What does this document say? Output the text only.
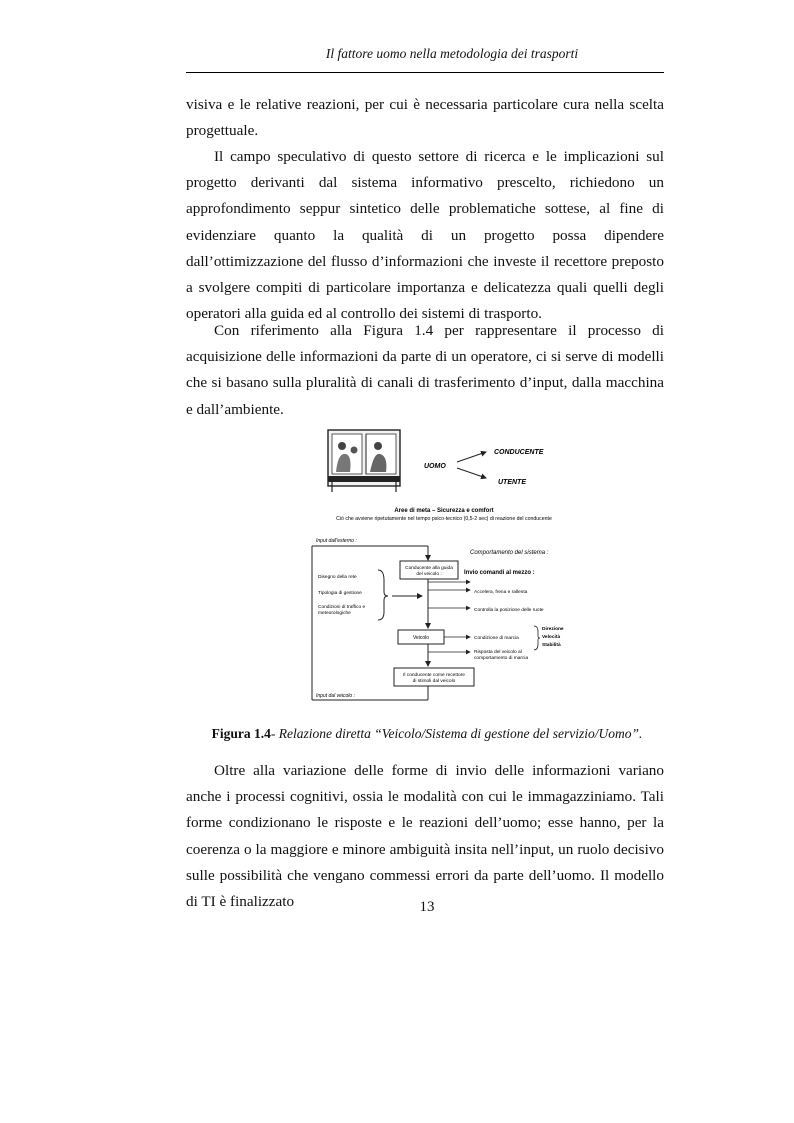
Il fattore uomo nella metodologia dei trasporti

visiva e le relative reazioni, per cui è necessaria particolare cura nella scelta progettuale.

Il campo speculativo di questo settore di ricerca e le implicazioni sul progetto derivanti dal sistema informativo prescelto, richiedono un approfondimento seppur sintetico delle problematiche sottese, al fine di evidenziare quanto la qualità di un progetto possa dipendere dall’ottimizzazione del flusso d’informazioni che investe il recettore preposto a svolgere compiti di particolare importanza e delicatezza quali quelli degli operatori alla guida ed al controllo dei sistemi di trasporto.

Con riferimento alla Figura 1.4 per rappresentare il processo di acquisizione delle informazioni da parte di un operatore, ci si serve di modelli che si basano sulla pluralità di canali di trasferimento d’input, dalla macchina e dall’ambiente.

UOMO
CONDUCENTE
UTENTE
Aree di meta – Sicurezza e comfort
Ciò che avviene ripetutamente nel tempo psico-tecnico (0,5-2 sec) di reazione del conducente
Input dall'esterno :
Input dal veicolo :
Conducente alla guida
del veicolo :
Comportamento del sistema :
Invio comandi al mezzo :
Disegno della rete
Tipologia di gestione
Condizioni di traffico e
meteorologiche
Accelera, frena e rallenta
Controlla la posizione delle ruote
Veicolo	Condizione di marcia
Direzione
Velocità
Stabilità
Risposta del veicolo al
comportamento di marcia
Il conducente come recettore
di stimoli dal veicolo
Figura 1.4- Relazione diretta “Veicolo/Sistema di gestione del servizio/Uomo”.

Oltre alla variazione delle forme di invio delle informazioni variano anche i processi cognitivi, ossia le modalità con cui le immagazziniamo. Tali forme condizionano le risposte e le reazioni dell’uomo; esse hanno, per la coerenza o la maggiore e minore ambiguità insita nell’input, un ruolo decisivo sulle possibilità che vengano commessi errori da parte dell’uomo. Il modello di TI è finalizzato	13
